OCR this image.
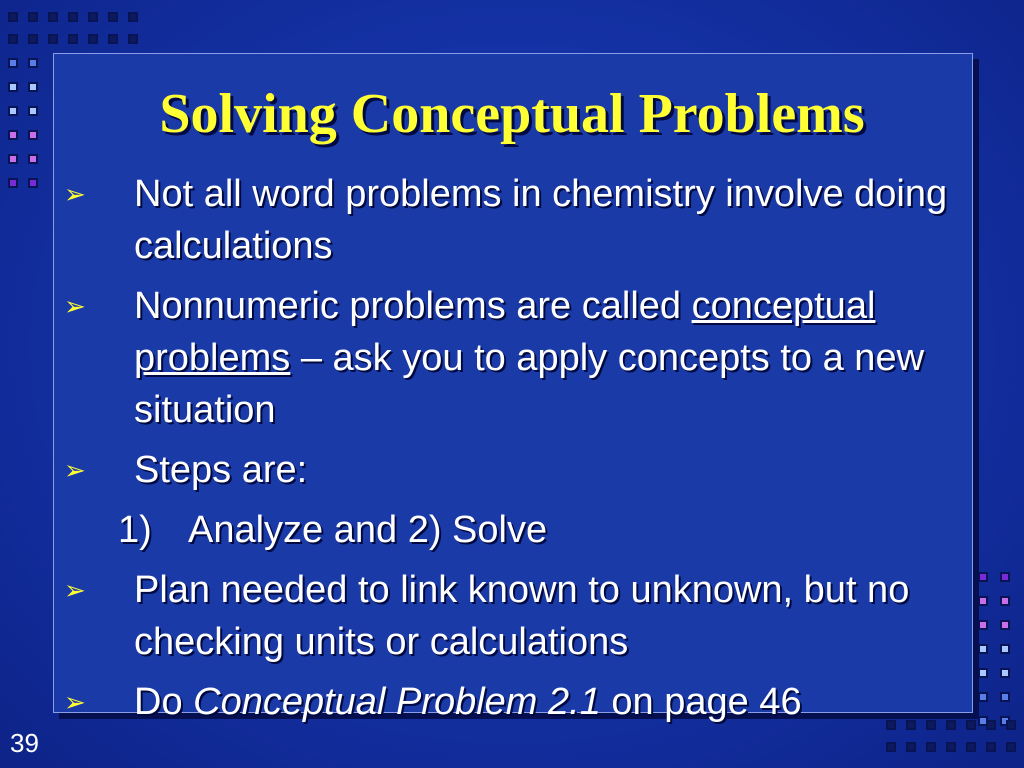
Solving Conceptual Problems
➢ Not all word problems in chemistry involve doing calculations
➢ Nonnumeric problems are called conceptual problems – ask you to apply concepts to a new situation
➢ Steps are:
1) Analyze and 2) Solve
➢ Plan needed to link known to unknown, but no checking units or calculations
➢ Do Conceptual Problem 2.1 on page 46
39
